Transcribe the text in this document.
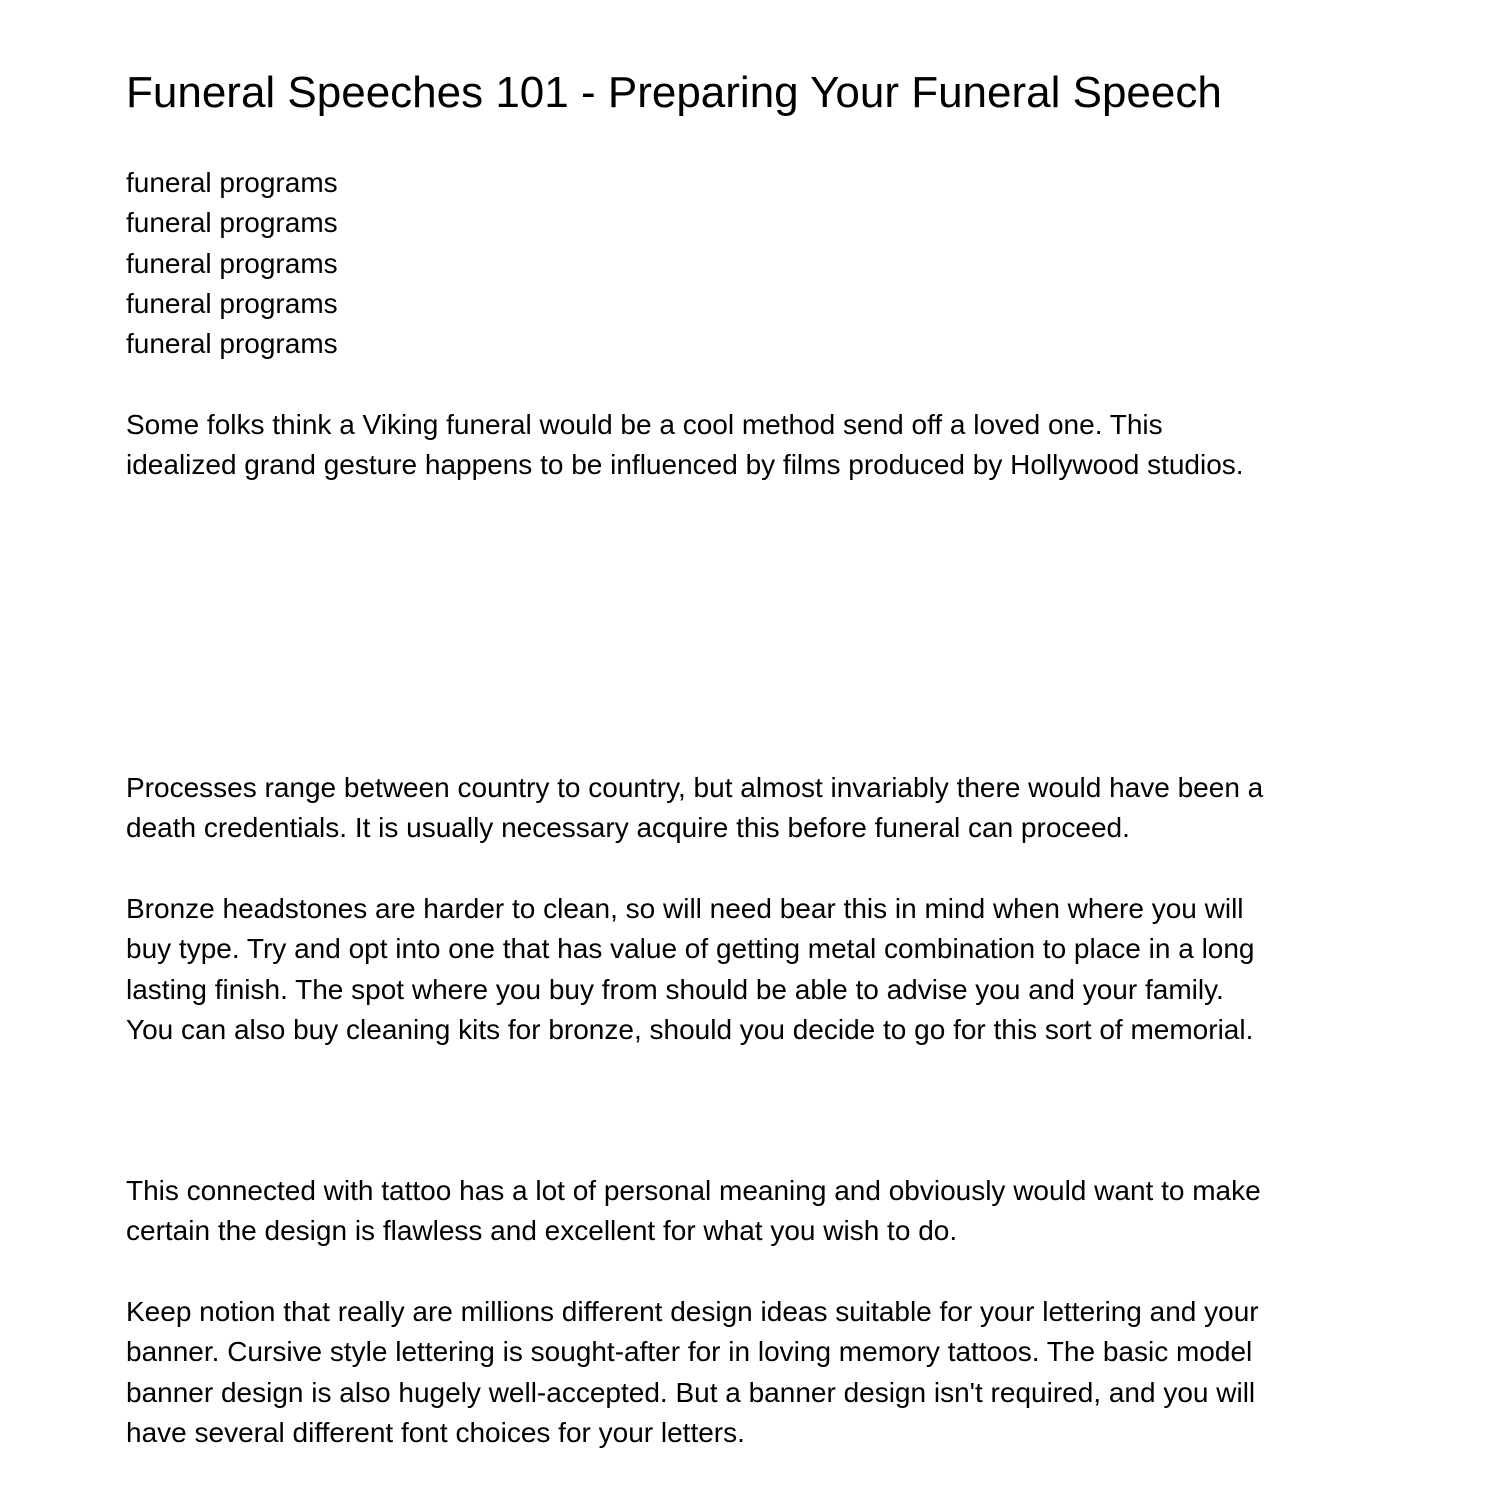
Funeral Speeches 101 - Preparing Your Funeral Speech
funeral programs
funeral programs
funeral programs
funeral programs
funeral programs

Some folks think a Viking funeral would be a cool method send off a loved one. This
idealized grand gesture happens to be influenced by films produced by Hollywood studios.

Processes range between country to country, but almost invariably there would have been a
death credentials. It is usually necessary acquire this before funeral can proceed.

Bronze headstones are harder to clean, so will need bear this in mind when where you will
buy type. Try and opt into one that has value of getting metal combination to place in a long
lasting finish. The spot where you buy from should be able to advise you and your family.
You can also buy cleaning kits for bronze, should you decide to go for this sort of memorial.

This connected with tattoo has a lot of personal meaning and obviously would want to make
certain the design is flawless and excellent for what you wish to do.

Keep notion that really are millions different design ideas suitable for your lettering and your
banner. Cursive style lettering is sought-after for in loving memory tattoos. The basic model
banner design is also hugely well-accepted. But a banner design isn't required, and you will
have several different font choices for your letters.
